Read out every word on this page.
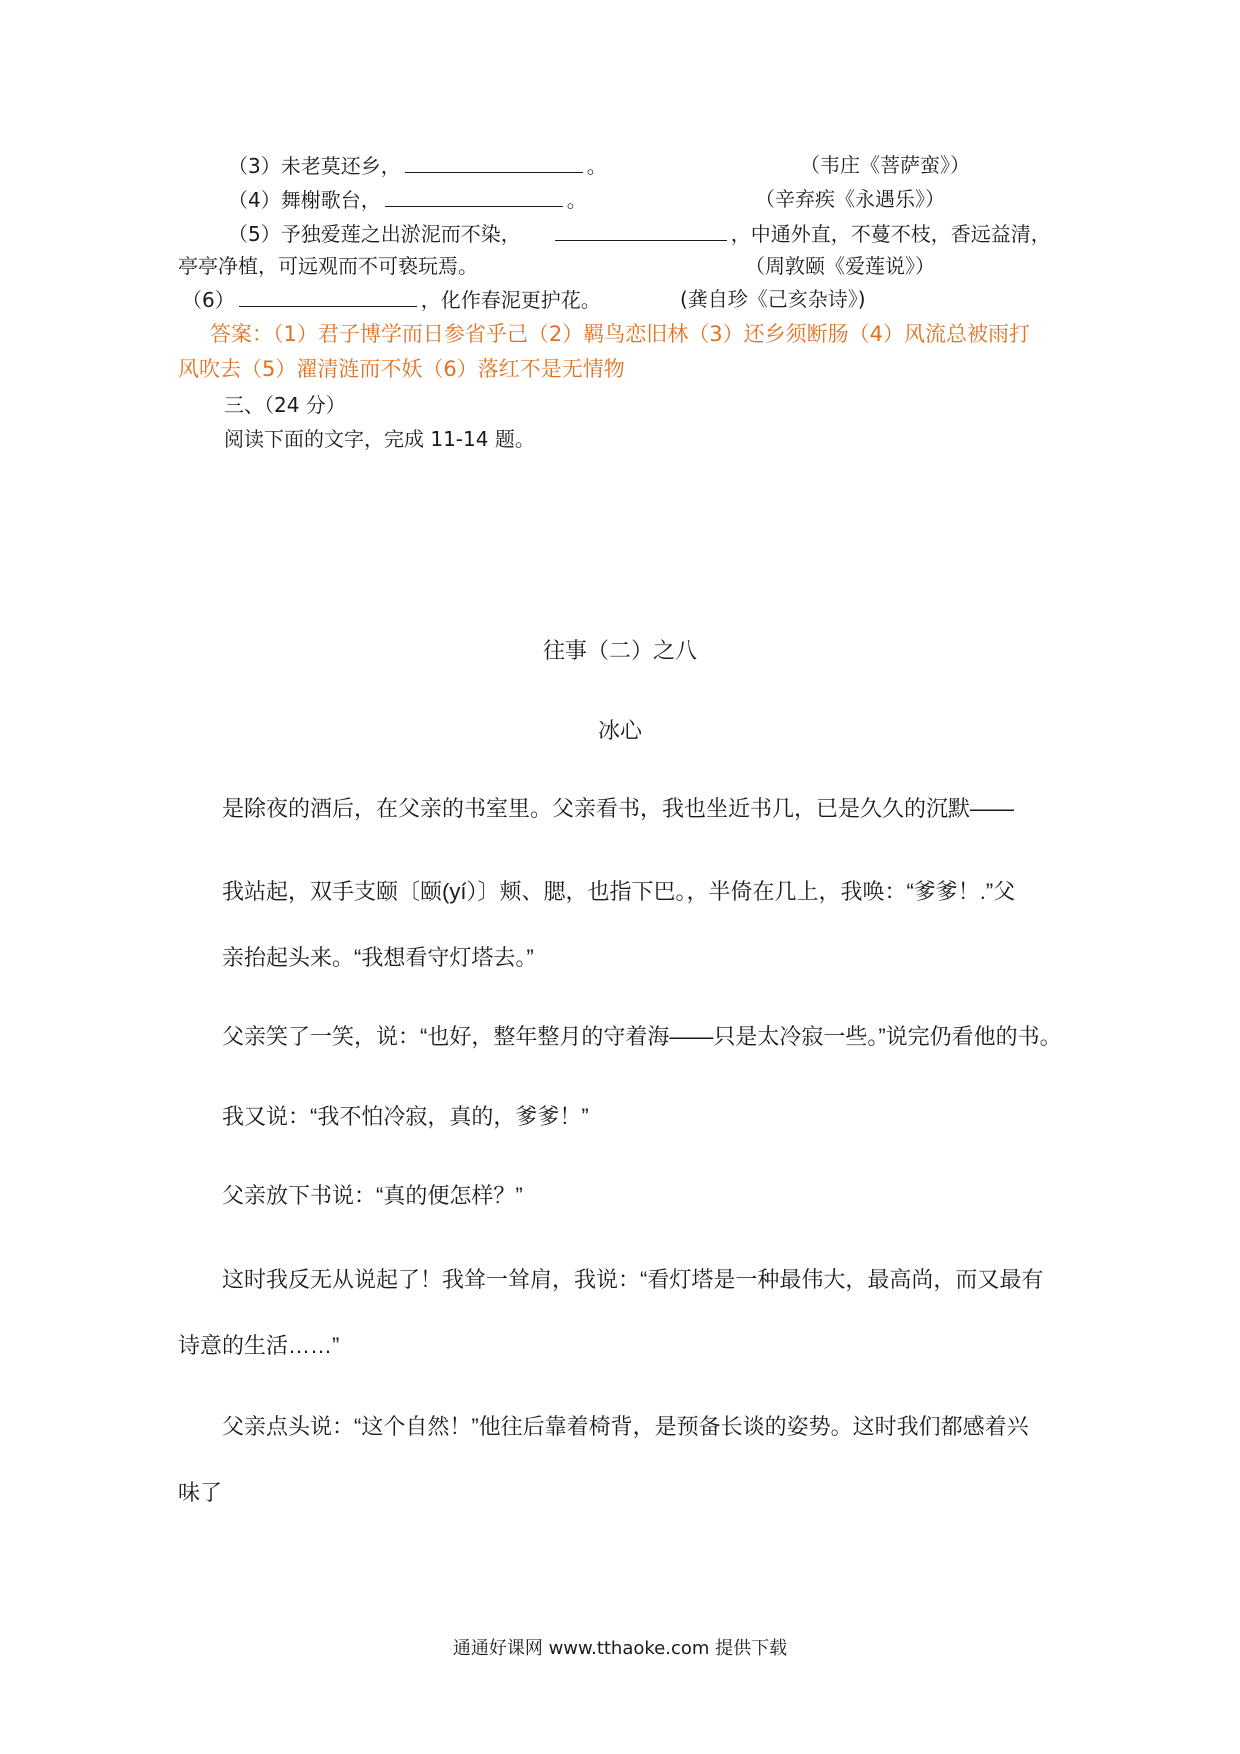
（3）未老莫还乡，	。	（韦庄《菩萨蛮》）
（4）舞榭歌台，	。	（辛弃疾《永遇乐》）
（5）予独爱莲之出淤泥而不染，	，中通外直，不蔓不枝，香远益清，
亭亭净植，可远观而不可亵玩焉。	（周敦颐《爱莲说》）
（6）	，化作春泥更护花。	(龚自珍《己亥杂诗》)
答案：（1）君子博学而日参省乎己（2）羁鸟恋旧林（3）还乡须断肠（4）风流总被雨打
风吹去（5）濯清涟而不妖（6）落红不是无情物
三、（24 分）
阅读下面的文字，完成 11-14 题。
往事（二）之八
冰心
是除夜的酒后，在父亲的书室里。父亲看书，我也坐近书几，已是久久的沉默——
我站起，双手支颐〔颐(yí）〕颊、腮，也指下巴。，半倚在几上，我唤：“爹爹！.”父
亲抬起头来。“我想看守灯塔去。”
父亲笑了一笑，说：“也好，整年整月的守着海——只是太冷寂一些。”说完仍看他的书。
我又说：“我不怕冷寂，真的，爹爹！”
父亲放下书说：“真的便怎样？”
这时我反无从说起了！我耸一耸肩，我说：“看灯塔是一种最伟大，最高尚，而又最有
诗意的生活……”
父亲点头说：“这个自然！”他往后靠着椅背，是预备长谈的姿势。这时我们都感着兴
味了
通通好课网 www.tthaoke.com 提供下载
